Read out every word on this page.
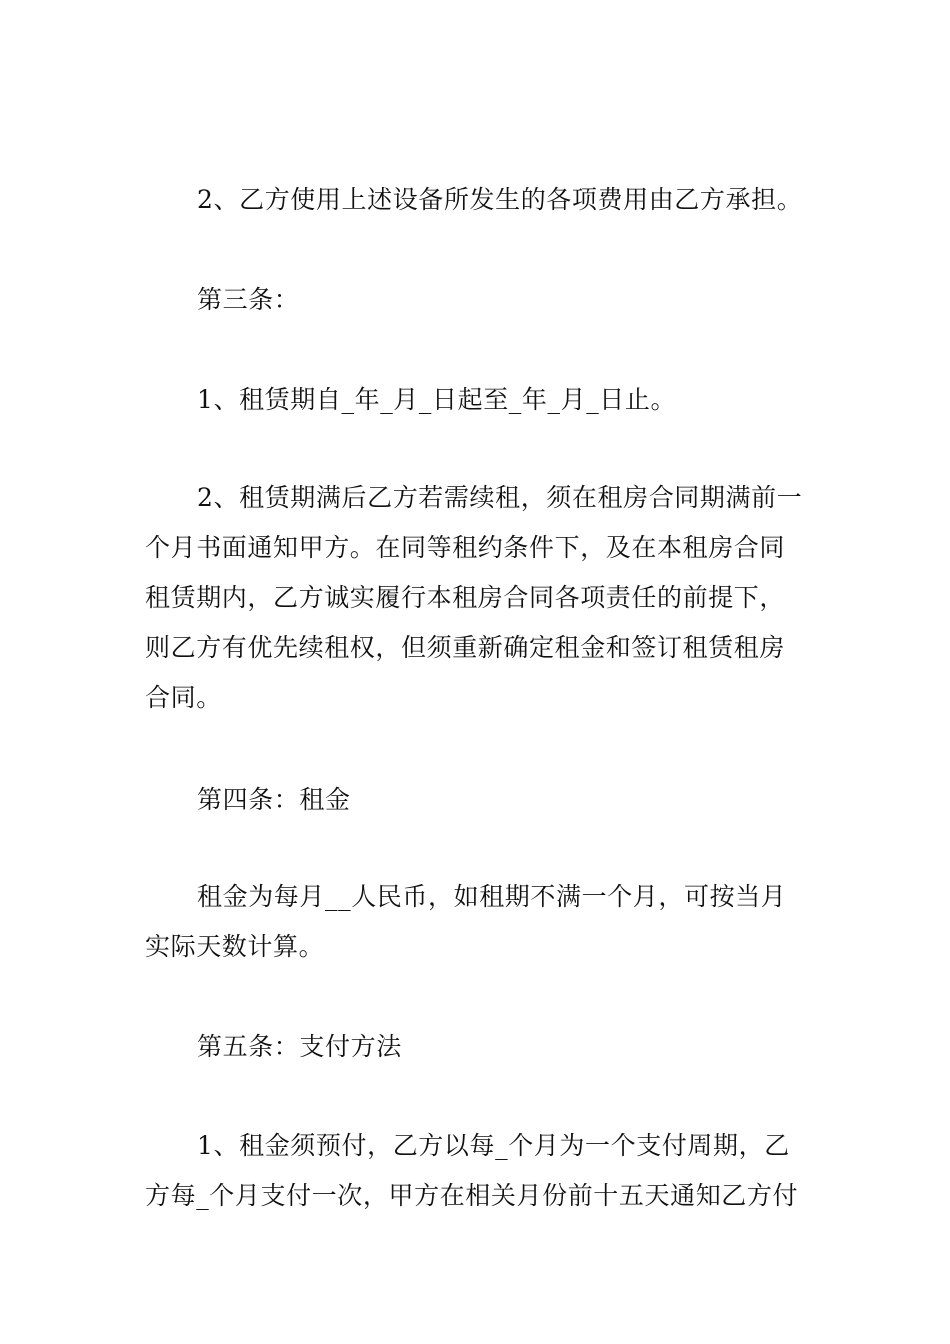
2、乙方使用上述设备所发生的各项费用由乙方承担。

第三条：

1、租赁期自_年_月_日起至_年_月_日止。

2、租赁期满后乙方若需续租，须在租房合同期满前一个月书面通知甲方。在同等租约条件下，及在本租房合同租赁期内，乙方诚实履行本租房合同各项责任的前提下，则乙方有优先续租权，但须重新确定租金和签订租赁租房合同。

第四条：租金

租金为每月__人民币，如租期不满一个月，可按当月实际天数计算。

第五条：支付方法

1、租金须预付，乙方以每_个月为一个支付周期，乙方每_个月支付一次，甲方在相关月份前十五天通知乙方付
